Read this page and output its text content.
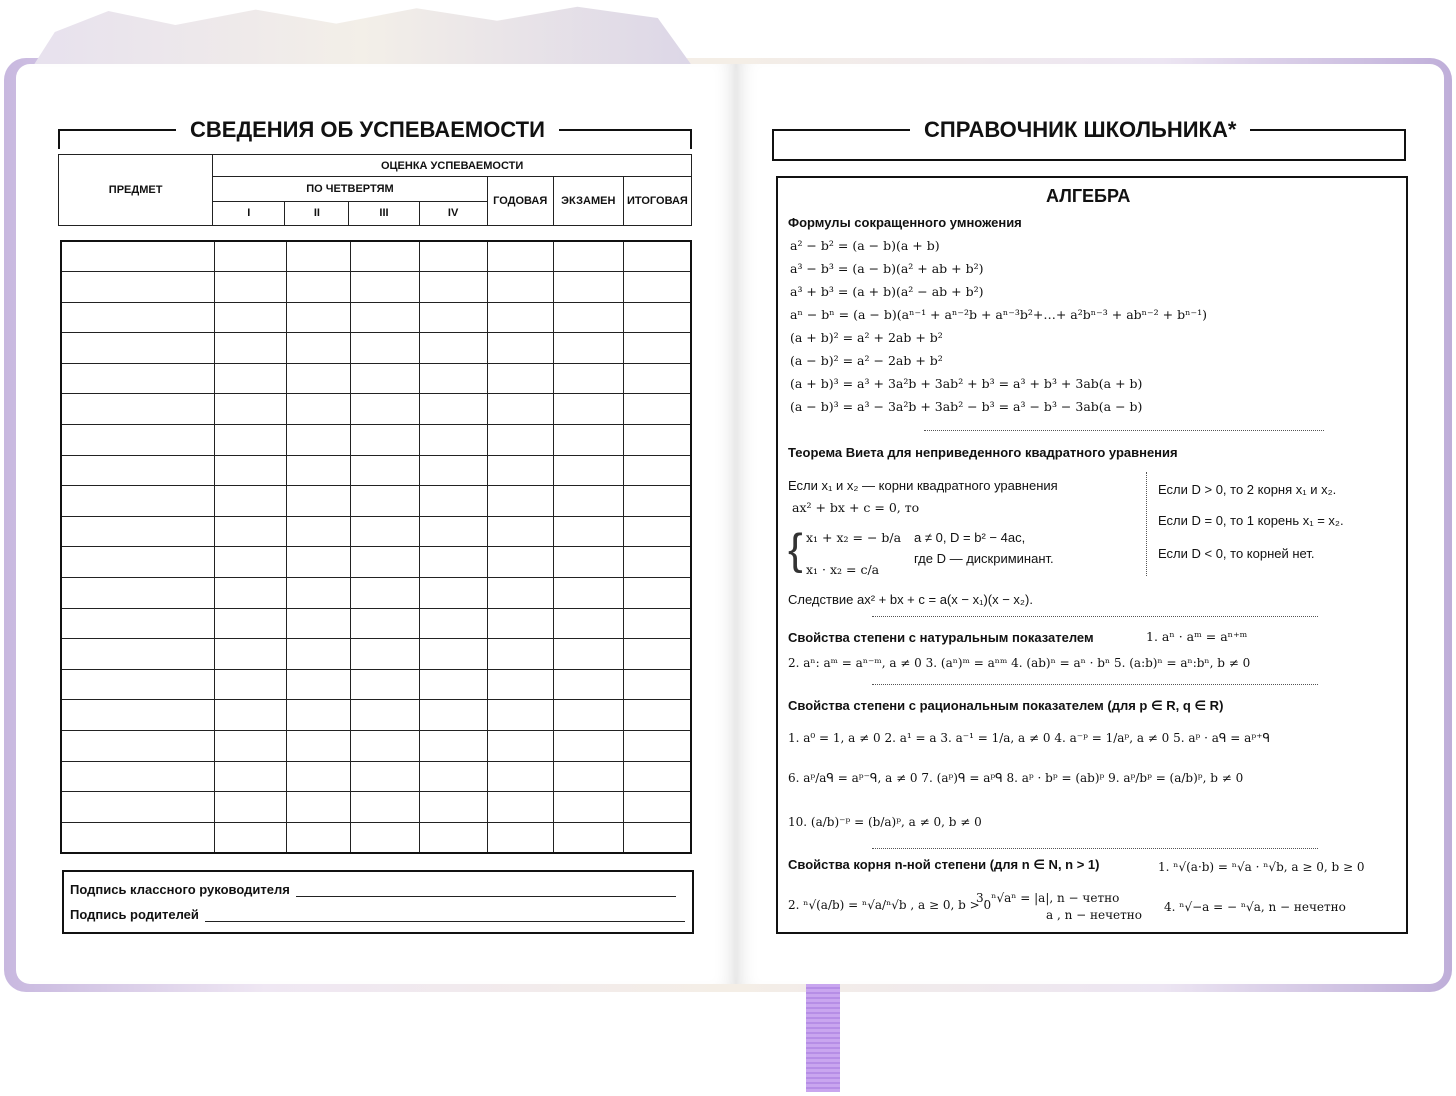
СВЕДЕНИЯ ОБ УСПЕВАЕМОСТИ
ПРЕДМЕТ	ОЦЕНКА УСПЕВАЕМОСТИ						
	ПО ЧЕТВЕРТЯМ				ГОДОВАЯ	ЭКЗАМЕН	ИТОГОВАЯ
	I	II	III	IV			

Подпись классного руководителя
Подпись родителей
СПРАВОЧНИК ШКОЛЬНИКА*
АЛГЕБРА
Формулы сокращенного умножения
a² − b² = (a − b)(a + b)
a³ − b³ = (a − b)(a² + ab + b²)
a³ + b³ = (a + b)(a² − ab + b²)
aⁿ − bⁿ = (a − b)(aⁿ⁻¹ + aⁿ⁻²b + aⁿ⁻³b²+…+ a²bⁿ⁻³ + abⁿ⁻² + bⁿ⁻¹)
(a + b)² = a² + 2ab + b²
(a − b)² = a² − 2ab + b²
(a + b)³ = a³ + 3a²b + 3ab² + b³ = a³ + b³ + 3ab(a + b)
(a − b)³ = a³ − 3a²b + 3ab² − b³ = a³ − b³ − 3ab(a − b)
Теорема Виета для неприведенного квадратного уравнения
Если x₁ и x₂ — корни квадратного уравнения
ax² + bx + c = 0, то
{ x₁ + x₂ = − b/a
x₁ · x₂ = c/a
a ≠ 0, D = b² − 4ac,
где D — дискриминант.
Если D > 0, то 2 корня x₁ и x₂.
Если D = 0, то 1 корень x₁ = x₂.
Если D < 0, то корней нет.
Следствие ax² + bx + c = a(x − x₁)(x − x₂).
Свойства степени с натуральным показателем	1. aⁿ · aᵐ = aⁿ⁺ᵐ
2. aⁿ: aᵐ = aⁿ⁻ᵐ, a ≠ 0 3. (aⁿ)ᵐ = aⁿᵐ 4. (ab)ⁿ = aⁿ · bⁿ 5. (a:b)ⁿ = aⁿ:bⁿ, b ≠ 0
Свойства степени с рациональным показателем (для p ∈ R, q ∈ R)
1. a⁰ = 1, a ≠ 0 2. a¹ = a 3. a⁻¹ = 1/a, a ≠ 0 4. a⁻ᵖ = 1/aᵖ, a ≠ 0 5. aᵖ · aᑫ = aᵖ⁺ᑫ
6. aᵖ/aᑫ = aᵖ⁻ᑫ, a ≠ 0 7. (aᵖ)ᑫ = aᵖᑫ 8. aᵖ · bᵖ = (ab)ᵖ 9. aᵖ/bᵖ = (a/b)ᵖ, b ≠ 0
10. (a/b)⁻ᵖ = (b/a)ᵖ, a ≠ 0, b ≠ 0
Свойства корня n-ной степени (для n ∈ N, n > 1)	1. ⁿ√(a·b) = ⁿ√a · ⁿ√b, a ≥ 0, b ≥ 0
2. ⁿ√(a/b) = ⁿ√a/ⁿ√b , a ≥ 0, b > 0
3. ⁿ√aⁿ = |a|, n − четно
a , n − нечетно
4. ⁿ√−a = − ⁿ√a, n − нечетно
